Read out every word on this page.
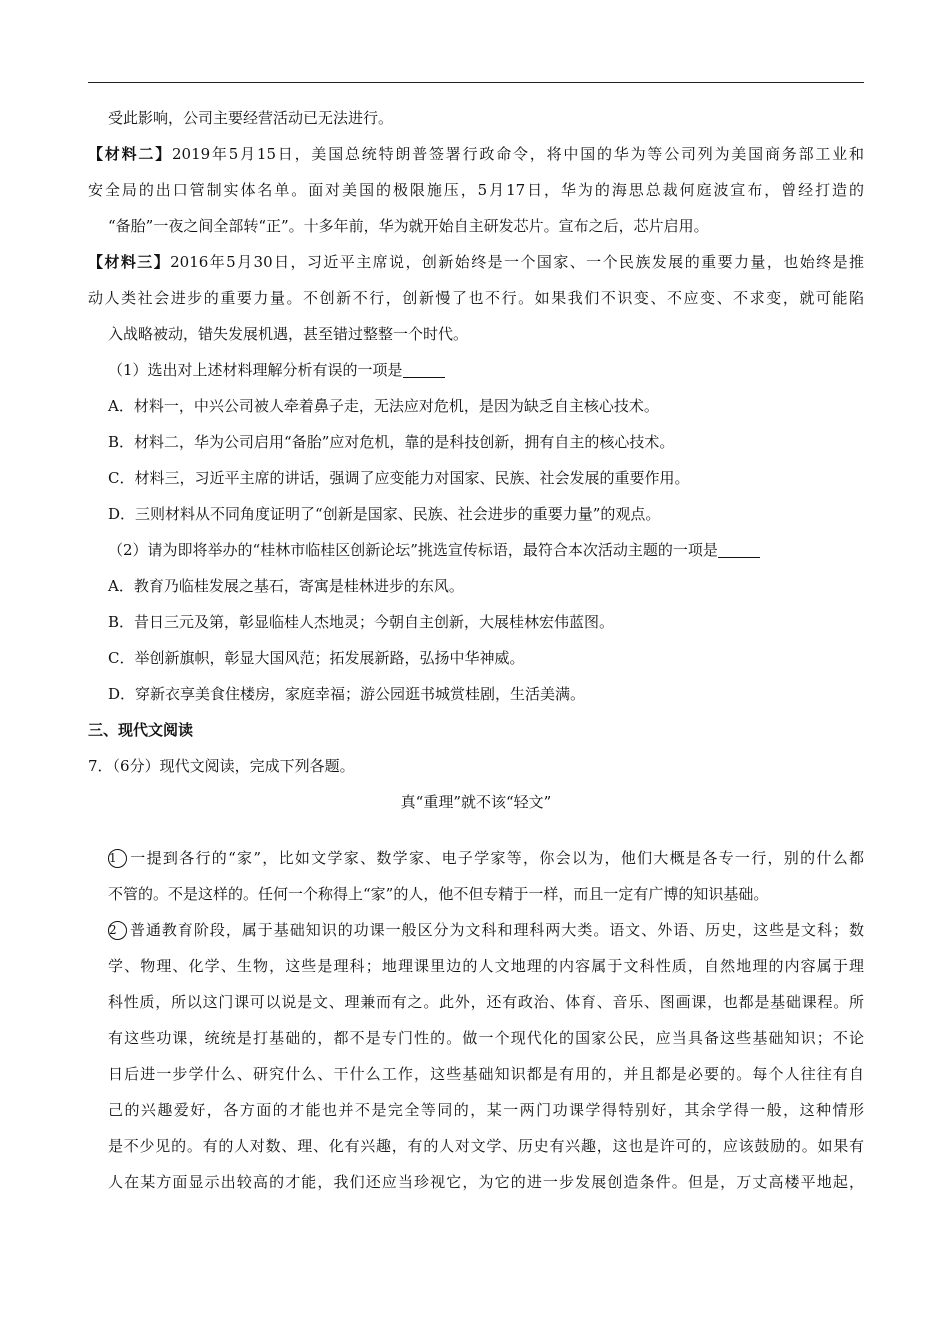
受此影响，公司主要经营活动已无法进行。
【材料二】2019年5月15日，美国总统特朗普签署行政命令，将中国的华为等公司列为美国商务部工业和
安全局的出口管制实体名单。面对美国的极限施压，5月17日，华为的海思总裁何庭波宣布，曾经打造的
“备胎”一夜之间全部转“正”。十多年前，华为就开始自主研发芯片。宣布之后，芯片启用。
【材料三】2016年5月30日，习近平主席说，创新始终是一个国家、一个民族发展的重要力量，也始终是推
动人类社会进步的重要力量。不创新不行，创新慢了也不行。如果我们不识变、不应变、不求变，就可能陷
入战略被动，错失发展机遇，甚至错过整整一个时代。
（1）选出对上述材料理解分析有误的一项是
A．材料一，中兴公司被人牵着鼻子走，无法应对危机，是因为缺乏自主核心技术。
B．材料二，华为公司启用“备胎”应对危机，靠的是科技创新，拥有自主的核心技术。
C．材料三，习近平主席的讲话，强调了应变能力对国家、民族、社会发展的重要作用。
D．三则材料从不同角度证明了“创新是国家、民族、社会进步的重要力量”的观点。
（2）请为即将举办的“桂林市临桂区创新论坛”挑选宣传标语，最符合本次活动主题的一项是
A．教育乃临桂发展之基石，寄寓是桂林进步的东风。
B．昔日三元及第，彰显临桂人杰地灵；今朝自主创新，大展桂林宏伟蓝图。
C．举创新旗帜，彰显大国风范；拓发展新路，弘扬中华神威。
D．穿新衣享美食住楼房，家庭幸福；游公园逛书城赏桂剧，生活美满。
三、现代文阅读
7．（6分）现代文阅读，完成下列各题。
真“重理”就不该“轻文”
1 一提到各行的“家”，比如文学家、数学家、电子学家等，你会以为，他们大概是各专一行，别的什么都
不管的。不是这样的。任何一个称得上“家”的人，他不但专精于一样，而且一定有广博的知识基础。
2 普通教育阶段，属于基础知识的功课一般区分为文科和理科两大类。语文、外语、历史，这些是文科；数
学、物理、化学、生物，这些是理科；地理课里边的人文地理的内容属于文科性质，自然地理的内容属于理
科性质，所以这门课可以说是文、理兼而有之。此外，还有政治、体育、音乐、图画课，也都是基础课程。所
有这些功课，统统是打基础的，都不是专门性的。做一个现代化的国家公民，应当具备这些基础知识；不论
日后进一步学什么、研究什么、干什么工作，这些基础知识都是有用的，并且都是必要的。每个人往往有自
己的兴趣爱好，各方面的才能也并不是完全等同的，某一两门功课学得特别好，其余学得一般，这种情形
是不少见的。有的人对数、理、化有兴趣，有的人对文学、历史有兴趣，这也是许可的，应该鼓励的。如果有
人在某方面显示出较高的才能，我们还应当珍视它，为它的进一步发展创造条件。但是，万丈高楼平地起，
